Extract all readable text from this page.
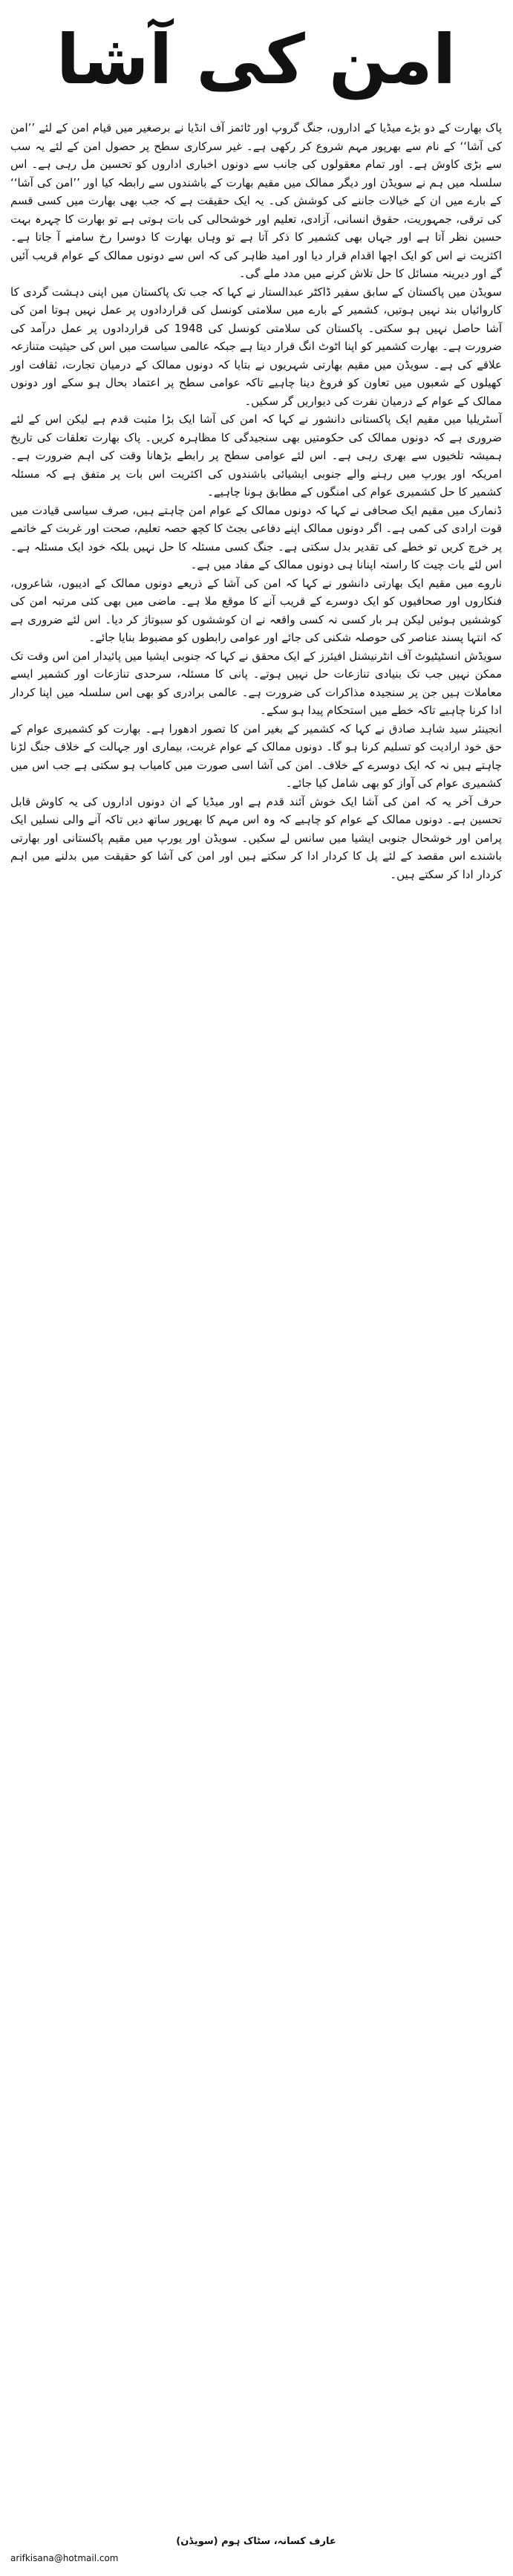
امن کی آشا

پاک بھارت کے دو بڑے میڈیا کے اداروں، جنگ گروپ اور ٹائمز آف انڈیا نے برصغیر میں قیام امن کے لئے ’’امن کی آشا‘‘ کے نام سے بھرپور مہم شروع کر رکھی ہے۔ غیر سرکاری سطح پر حصول امن کے لئے یہ سب سے بڑی کاوش ہے۔ اور تمام معقولوں کی جانب سے دونوں اخباری اداروں کو تحسین مل رہی ہے۔ اس سلسلہ میں ہم نے سویڈن اور دیگر ممالک میں مقیم بھارت کے باشندوں سے رابطہ کیا اور ’’امن کی آشا‘‘ کے بارے میں ان کے خیالات جاننے کی کوشش کی۔ یہ ایک حقیقت ہے کہ جب بھی بھارت میں کسی قسم کی ترقی، جمہوریت، حقوق انسانی، آزادی، تعلیم اور خوشحالی کی بات ہوتی ہے تو بھارت کا چہرہ بہت حسین نظر آتا ہے اور جہاں بھی کشمیر کا ذکر آتا ہے تو وہاں بھارت کا دوسرا رخ سامنے آ جاتا ہے۔ اکثریت نے اس کو ایک اچھا اقدام قرار دیا اور امید ظاہر کی کہ اس سے دونوں ممالک کے عوام قریب آئیں گے اور دیرینہ مسائل کا حل تلاش کرنے میں مدد ملے گی۔

سویڈن میں پاکستان کے سابق سفیر ڈاکٹر عبدالستار نے کہا کہ جب تک پاکستان میں اپنی دہشت گردی کا کاروائیاں بند نہیں ہوتیں، کشمیر کے بارے میں سلامتی کونسل کی قراردادوں پر عمل نہیں ہوتا امن کی آشا حاصل نہیں ہو سکتی۔ پاکستان کی سلامتی کونسل کی 1948 کی قراردادوں پر عمل درآمد کی ضرورت ہے۔ بھارت کشمیر کو اپنا اٹوٹ انگ قرار دیتا ہے جبکہ عالمی سیاست میں اس کی حیثیت متنازعہ علاقے کی ہے۔ سویڈن میں مقیم بھارتی شہریوں نے بتایا کہ دونوں ممالک کے درمیان تجارت، ثقافت اور کھیلوں کے شعبوں میں تعاون کو فروغ دینا چاہیے تاکہ عوامی سطح پر اعتماد بحال ہو سکے اور دونوں ممالک کے عوام کے درمیان نفرت کی دیواریں گر سکیں۔

آسٹریلیا میں مقیم ایک پاکستانی دانشور نے کہا کہ امن کی آشا ایک بڑا مثبت قدم ہے لیکن اس کے لئے ضروری ہے کہ دونوں ممالک کی حکومتیں بھی سنجیدگی کا مظاہرہ کریں۔ پاک بھارت تعلقات کی تاریخ ہمیشہ تلخیوں سے بھری رہی ہے۔ اس لئے عوامی سطح پر رابطے بڑھانا وقت کی اہم ضرورت ہے۔ امریکہ اور یورپ میں رہنے والے جنوبی ایشیائی باشندوں کی اکثریت اس بات پر متفق ہے کہ مسئلہ کشمیر کا حل کشمیری عوام کی امنگوں کے مطابق ہونا چاہیے۔

ڈنمارک میں مقیم ایک صحافی نے کہا کہ دونوں ممالک کے عوام امن چاہتے ہیں، صرف سیاسی قیادت میں قوت ارادی کی کمی ہے۔ اگر دونوں ممالک اپنے دفاعی بجٹ کا کچھ حصہ تعلیم، صحت اور غربت کے خاتمے پر خرچ کریں تو خطے کی تقدیر بدل سکتی ہے۔ جنگ کسی مسئلہ کا حل نہیں بلکہ خود ایک مسئلہ ہے۔ اس لئے بات چیت کا راستہ اپنانا ہی دونوں ممالک کے مفاد میں ہے۔

ناروے میں مقیم ایک بھارتی دانشور نے کہا کہ امن کی آشا کے ذریعے دونوں ممالک کے ادیبوں، شاعروں، فنکاروں اور صحافیوں کو ایک دوسرے کے قریب آنے کا موقع ملا ہے۔ ماضی میں بھی کئی مرتبہ امن کی کوششیں ہوئیں لیکن ہر بار کسی نہ کسی واقعہ نے ان کوششوں کو سبوتاژ کر دیا۔ اس لئے ضروری ہے کہ انتہا پسند عناصر کی حوصلہ شکنی کی جائے اور عوامی رابطوں کو مضبوط بنایا جائے۔

سویڈش انسٹیٹیوٹ آف انٹرنیشنل افیئرز کے ایک محقق نے کہا کہ جنوبی ایشیا میں پائیدار امن اس وقت تک ممکن نہیں جب تک بنیادی تنازعات حل نہیں ہوتے۔ پانی کا مسئلہ، سرحدی تنازعات اور کشمیر ایسے معاملات ہیں جن پر سنجیدہ مذاکرات کی ضرورت ہے۔ عالمی برادری کو بھی اس سلسلہ میں اپنا کردار ادا کرنا چاہیے تاکہ خطے میں استحکام پیدا ہو سکے۔

انجینئر سید شاہد صادق نے کہا کہ کشمیر کے بغیر امن کا تصور ادھورا ہے۔ بھارت کو کشمیری عوام کے حق خود ارادیت کو تسلیم کرنا ہو گا۔ دونوں ممالک کے عوام غربت، بیماری اور جہالت کے خلاف جنگ لڑنا چاہتے ہیں نہ کہ ایک دوسرے کے خلاف۔ امن کی آشا اسی صورت میں کامیاب ہو سکتی ہے جب اس میں کشمیری عوام کی آواز کو بھی شامل کیا جائے۔

حرف آخر یہ کہ امن کی آشا ایک خوش آئند قدم ہے اور میڈیا کے ان دونوں اداروں کی یہ کاوش قابل تحسین ہے۔ دونوں ممالک کے عوام کو چاہیے کہ وہ اس مہم کا بھرپور ساتھ دیں تاکہ آنے والی نسلیں ایک پرامن اور خوشحال جنوبی ایشیا میں سانس لے سکیں۔ سویڈن اور یورپ میں مقیم پاکستانی اور بھارتی باشندے اس مقصد کے لئے پل کا کردار ادا کر سکتے ہیں اور امن کی آشا کو حقیقت میں بدلنے میں اہم کردار ادا کر سکتے ہیں۔

عارف کسانہ، سٹاک ہوم (سویڈن)
arifkisana@hotmail.com
